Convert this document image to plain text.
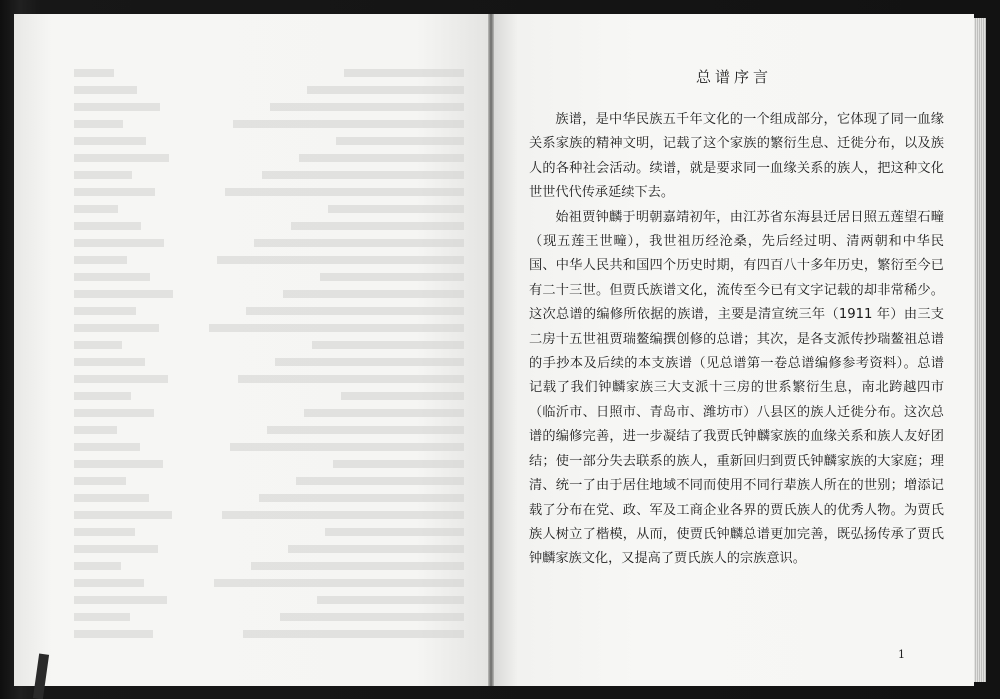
总谱序言

族谱，是中华民族五千年文化的一个组成部分，它体现了同一血缘关系家族的精神文明，记载了这个家族的繁衍生息、迁徙分布，以及族人的各种社会活动。续谱，就是要求同一血缘关系的族人，把这种文化世世代代传承延续下去。

始祖贾钟麟于明朝嘉靖初年，由江苏省东海县迁居日照五莲望石疃（现五莲王世疃），我世祖历经沧桑，先后经过明、清两朝和中华民国、中华人民共和国四个历史时期，有四百八十多年历史，繁衍至今已有二十三世。但贾氏族谱文化，流传至今已有文字记载的却非常稀少。这次总谱的编修所依据的族谱，主要是清宣统三年（1911 年）由三支二房十五世祖贾瑞鳌编撰创修的总谱；其次，是各支派传抄瑞鳌祖总谱的手抄本及后续的本支族谱（见总谱第一卷总谱编修参考资料）。总谱记载了我们钟麟家族三大支派十三房的世系繁衍生息，南北跨越四市（临沂市、日照市、青岛市、潍坊市）八县区的族人迁徙分布。这次总谱的编修完善，进一步凝结了我贾氏钟麟家族的血缘关系和族人友好团结；使一部分失去联系的族人，重新回归到贾氏钟麟家族的大家庭；理清、统一了由于居住地域不同而使用不同行辈族人所在的世别；增添记载了分布在党、政、军及工商企业各界的贾氏族人的优秀人物。为贾氏族人树立了楷模，从而，使贾氏钟麟总谱更加完善，既弘扬传承了贾氏钟麟家族文化，又提高了贾氏族人的宗族意识。

1
